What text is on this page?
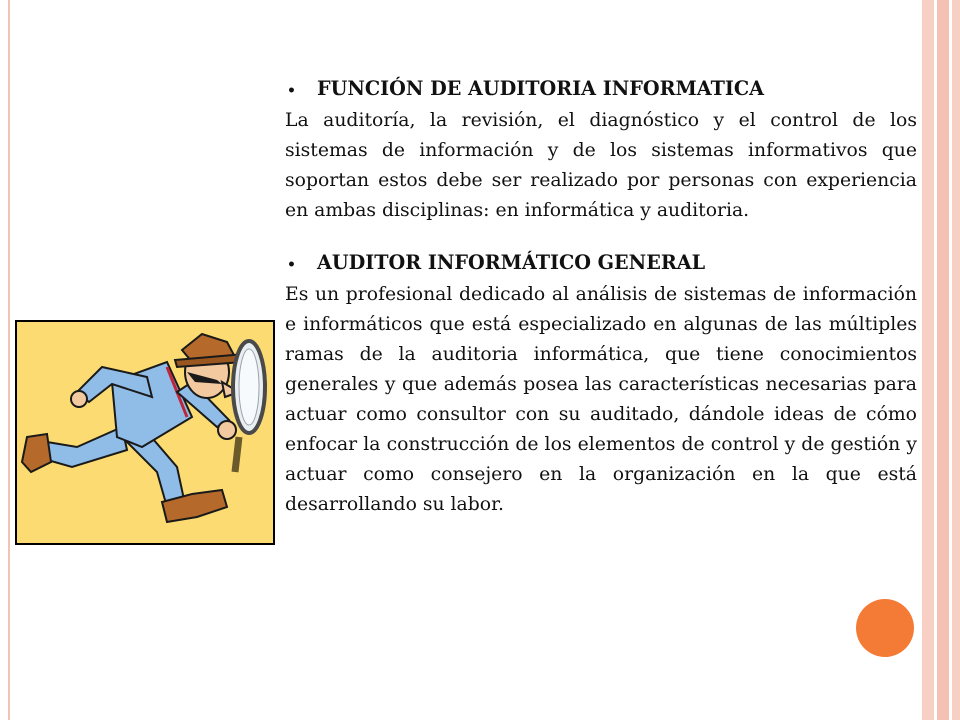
•	FUNCIÓN DE AUDITORIA INFORMATICA

La auditoría, la revisión, el diagnóstico y el control de los sistemas de información y de los sistemas informativos que soportan estos debe ser realizado por personas con experiencia en ambas disciplinas: en informática y auditoria.

•	AUDITOR INFORMÁTICO GENERAL

Es un profesional dedicado al análisis de sistemas de información e informáticos que está especializado en algunas de las múltiples ramas de la auditoria informática, que tiene conocimientos generales y que además posea las características necesarias para actuar como consultor con su auditado, dándole ideas de cómo enfocar la construcción de los elementos de control y de gestión y actuar como consejero en la organización en la que está desarrollando su labor.
